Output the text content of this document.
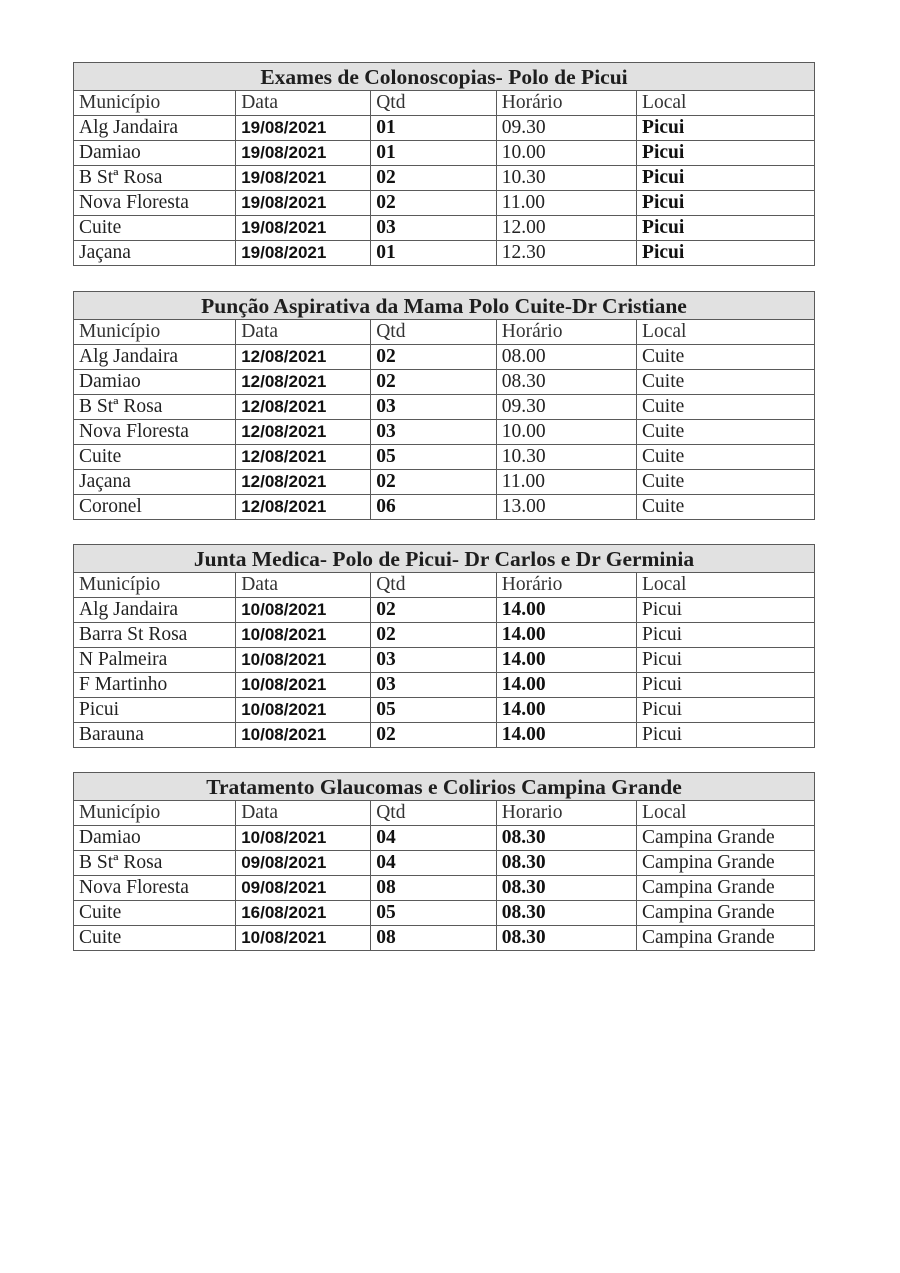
Exames de Colonoscopias- Polo de Picui				
Município	Data	Qtd	Horário	Local
Alg Jandaira	19/08/2021	01	09.30	Picui
Damiao	19/08/2021	01	10.00	Picui
B Stª Rosa	19/08/2021	02	10.30	Picui
Nova Floresta	19/08/2021	02	11.00	Picui
Cuite	19/08/2021	03	12.00	Picui
Jaçana	19/08/2021	01	12.30	Picui
Punção Aspirativa da Mama Polo Cuite-Dr Cristiane				
Município	Data	Qtd	Horário	Local
Alg Jandaira	12/08/2021	02	08.00	Cuite
Damiao	12/08/2021	02	08.30	Cuite
B Stª Rosa	12/08/2021	03	09.30	Cuite
Nova Floresta	12/08/2021	03	10.00	Cuite
Cuite	12/08/2021	05	10.30	Cuite
Jaçana	12/08/2021	02	11.00	Cuite
Coronel	12/08/2021	06	13.00	Cuite
Junta Medica- Polo de Picui- Dr Carlos e Dr Germinia				
Município	Data	Qtd	Horário	Local
Alg Jandaira	10/08/2021	02	14.00	Picui
Barra St Rosa	10/08/2021	02	14.00	Picui
N Palmeira	10/08/2021	03	14.00	Picui
F Martinho	10/08/2021	03	14.00	Picui
Picui	10/08/2021	05	14.00	Picui
Barauna	10/08/2021	02	14.00	Picui
Tratamento Glaucomas e Colirios Campina Grande				
Município	Data	Qtd	Horario	Local
Damiao	10/08/2021	04	08.30	Campina Grande
B Stª Rosa	09/08/2021	04	08.30	Campina Grande
Nova Floresta	09/08/2021	08	08.30	Campina Grande
Cuite	16/08/2021	05	08.30	Campina Grande
Cuite	10/08/2021	08	08.30	Campina Grande
